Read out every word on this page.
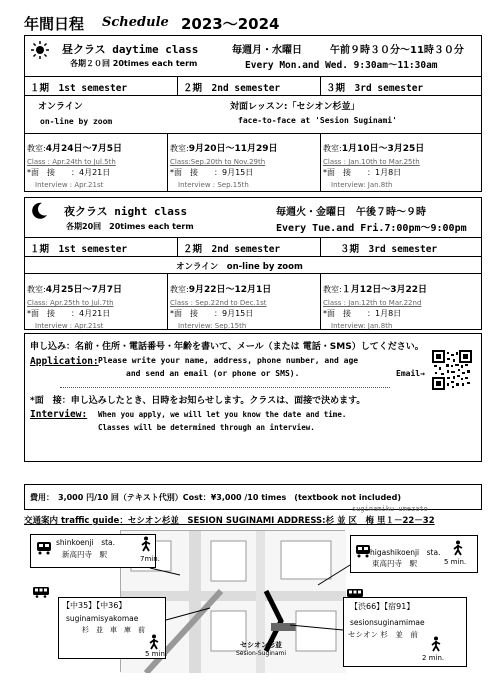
年間日程 Schedule 2023～2024
昼クラス daytime class	毎週月・水曜日	午前９時３０分～11時３０分
各期２０回 20times each term	Every Mon.and Wed. 9:30am～11:30am
１期　1st semester	２期　2nd semester	３期　3rd semester
オンライン
on-line by zoom
対面レッスン:「セシオン杉並」
face-to-face at 'Sesion Suginami'
教室:4月24日～7月5日
Class : Apr.24th to Jul.5th
*面　接　　：4月21日
Interview : Apr.21st
教室:9月20日～11月29日
Class:Sep.20th to Nov.29th
*面　接　　：9月15日
Interview : Sep.15th
教室:1月10日～3月25日
Class : Jan.10th to Mar.25th
*面　接　　：1月8日
Interview: Jan.8th
夜クラス night class	毎週火・金曜日　午後７時～９時
各期20回　20times each term	Every Tue.and Fri.7:00pm～9:00pm
１期　1st semester	２期　2nd semester	３期　3rd semester
オンライン　on-line by zoom
教室:4月25日～7月7日
Class: Apr.25th to Jul.7th
*面　接　　：4月21日
Interview : Apr.21st
教室:9月22日～12月1日
Class : Sep.22nd to Dec.1st
*面　接　　：9月15日
Interview: Sep.15th
教室:１月12日～3月22日
Class : Jan.12th to Mar.22nd
*面　接　　：1月8日
Interview: Jan.8th
申し込み：名前・住所・電話番号・年齢を書いて、メール（または 電話・SMS）してください。
Application: Please write your name, address, phone number, and age
and send an email (or phone or SMS).	Email→
*面　接：申し込みしたとき、日時をお知らせします。クラスは、面接で決めます。
Interview: When you apply, we will let you know the date and time.
Classes will be determined through an interview.
費用：　3,000 円/10 回（テキスト代別）Cost：¥3,000 /10 times　(textbook not included)
suginamiku umezato
交通案内 traffic guide：セシオン杉並　SESION SUGINAMI ADDRESS:杉 並 区　梅 里１－22－32
セシオン杉並
Sesion-Suginami
shinkoenji　sta.
新高円寺　駅	7min.
higashikoenji　sta.
東高円寺　駅	5 min.
【中35】【中36】
suginamisyakomae
杉　並　車　庫　前
5 min.
【渋66】【宿91】
sesionsuginamimae
セシオン 杉　並　前
2 min.
